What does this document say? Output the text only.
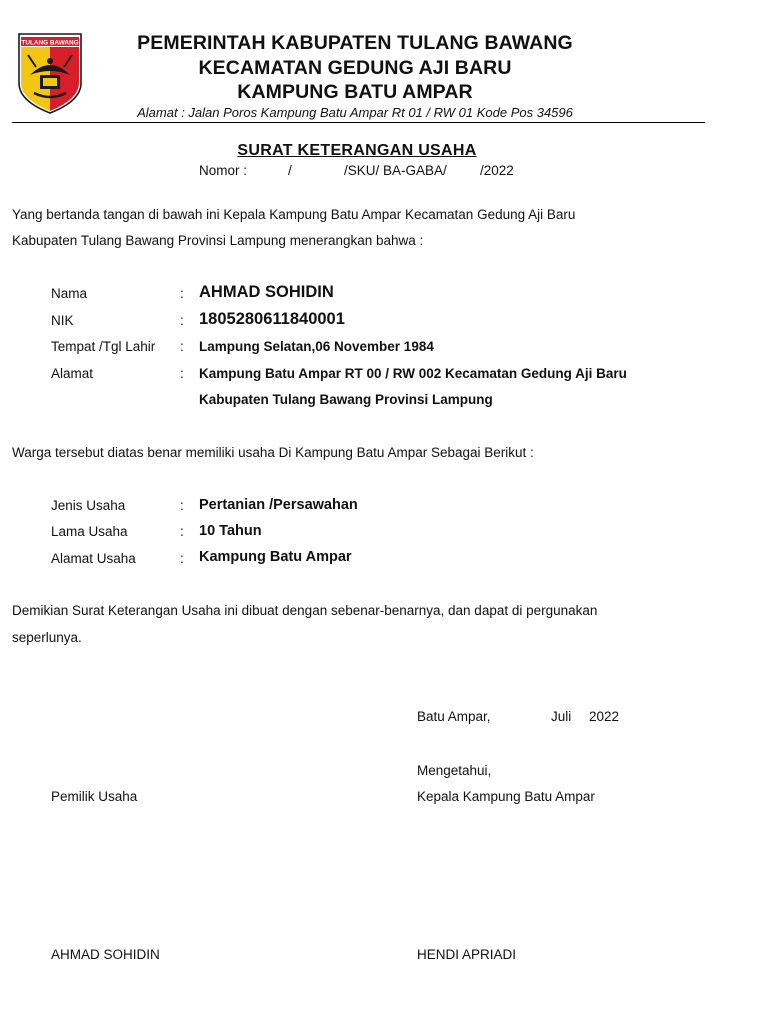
TULANG BAWANG	PEMERINTAH KABUPATEN TULANG BAWANG
KECAMATAN GEDUNG AJI BARU
KAMPUNG BATU AMPAR
Alamat : Jalan Poros Kampung Batu Ampar Rt 01 / RW 01 Kode Pos 34596
SURAT KETERANGAN USAHA
Nomor :	/	/SKU/ BA-GABA/ /2022
Yang bertanda tangan di bawah ini Kepala Kampung Batu Ampar Kecamatan Gedung Aji Baru
Kabupaten Tulang Bawang Provinsi Lampung menerangkan bahwa :
Nama	: AHMAD SOHIDIN
NIK	: 1805280611840001
Tempat /Tgl Lahir : Lampung Selatan,06 November 1984
Alamat	: Kampung Batu Ampar RT 00 / RW 002 Kecamatan Gedung Aji Baru
Kabupaten Tulang Bawang Provinsi Lampung
Warga tersebut diatas benar memiliki usaha Di Kampung Batu Ampar Sebagai Berikut :
Jenis Usaha	: Pertanian /Persawahan
Lama Usaha	: 10 Tahun
Alamat Usaha	: Kampung Batu Ampar
Demikian Surat Keterangan Usaha ini dibuat dengan sebenar-benarnya, dan dapat di pergunakan
seperlunya.
Batu Ampar,	Juli 2022
Mengetahui,
Kepala Kampung Batu Ampar
Pemilik Usaha
AHMAD SOHIDIN	HENDI APRIADI
